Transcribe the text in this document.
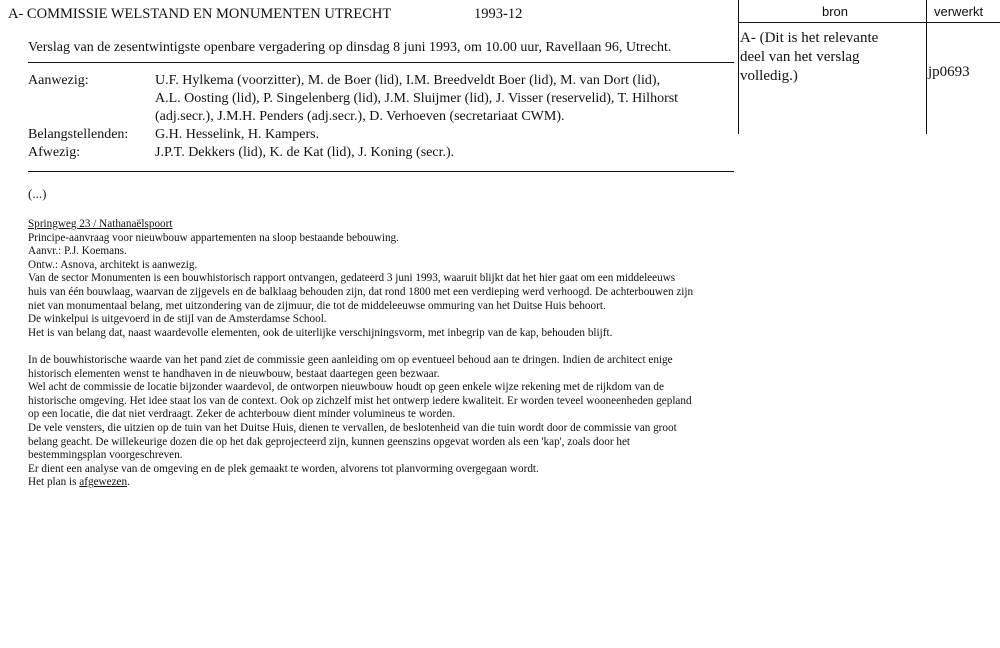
A- COMMISSIE WELSTAND EN MONUMENTEN UTRECHT	1993-12
Verslag van de zesentwintigste openbare vergadering op dinsdag 8 juni 1993, om 10.00 uur, Ravellaan 96, Utrecht.
Aanwezig:	U.F. Hylkema (voorzitter), M. de Boer (lid), I.M. Breedveldt Boer (lid), M. van Dort (lid),
A.L. Oosting (lid), P. Singelenberg (lid), J.M. Sluijmer (lid), J. Visser (reservelid), T. Hilhorst
(adj.secr.), J.M.H. Penders (adj.secr.), D. Verhoeven (secretariaat CWM).

Belangstellenden:	G.H. Hesselink, H. Kampers.
Afwezig:	J.P.T. Dekkers (lid), K. de Kat (lid), J. Koning (secr.).
(...)
Springweg 23 / Nathanaëlspoort
Principe-aanvraag voor nieuwbouw appartementen na sloop bestaande bebouwing.
Aanvr.: P.J. Koemans.
Ontw.: Asnova, architekt is aanwezig.
Van de sector Monumenten is een bouwhistorisch rapport ontvangen, gedateerd 3 juni 1993, waaruit blijkt dat het hier gaat om een middeleeuws
huis van één bouwlaag, waarvan de zijgevels en de balklaag behouden zijn, dat rond 1800 met een verdieping werd verhoogd. De achterbouwen zijn
niet van monumentaal belang, met uitzondering van de zijmuur, die tot de middeleeuwse ommuring van het Duitse Huis behoort.
De winkelpui is uitgevoerd in de stijl van de Amsterdamse School.
Het is van belang dat, naast waardevolle elementen, ook de uiterlijke verschijningsvorm, met inbegrip van de kap, behouden blijft.
In de bouwhistorische waarde van het pand ziet de commissie geen aanleiding om op eventueel behoud aan te dringen. Indien de architect enige
historisch elementen wenst te handhaven in de nieuwbouw, bestaat daartegen geen bezwaar.
Wel acht de commissie de locatie bijzonder waardevol, de ontworpen nieuwbouw houdt op geen enkele wijze rekening met de rijkdom van de
historische omgeving. Het idee staat los van de context. Ook op zichzelf mist het ontwerp iedere kwaliteit. Er worden teveel wooneenheden gepland
op een locatie, die dat niet verdraagt. Zeker de achterbouw dient minder volumineus te worden.
De vele vensters, die uitzien op de tuin van het Duitse Huis, dienen te vervallen, de beslotenheid van die tuin wordt door de commissie van groot
belang geacht. De willekeurige dozen die op het dak geprojecteerd zijn, kunnen geenszins opgevat worden als een 'kap', zoals door het
bestemmingsplan voorgeschreven.
Er dient een analyse van de omgeving en de plek gemaakt te worden, alvorens tot planvorming overgegaan wordt.
Het plan is afgewezen.
bron	verwerkt
A- (Dit is het relevante
deel van het verslag
volledig.)	jp0693
